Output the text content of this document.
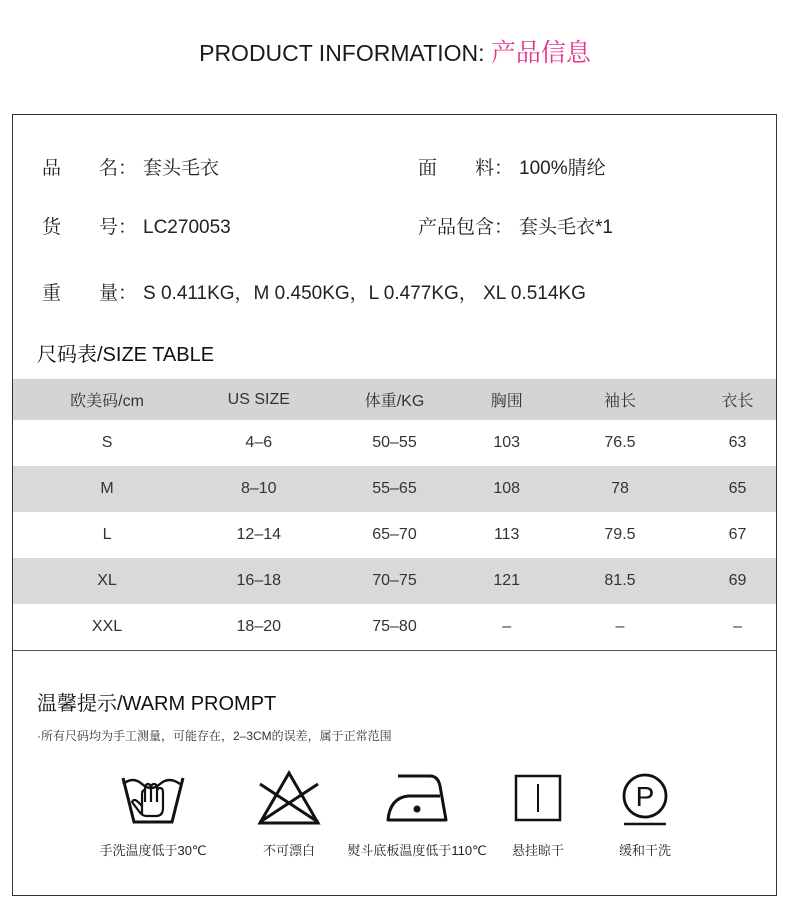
PRODUCT INFORMATION: 产品信息
品　　名： 套头毛衣	面　　料： 100%腈纶
货　　号： LC270053	产品包含： 套头毛衣*1
重　　量： S 0.411KG，M 0.450KG，L 0.477KG， XL 0.514KG
尺码表/SIZE TABLE
欧美码/cm	US SIZE	体重/KG	胸围	袖长	衣长
S	4–6	50–55	103	76.5	63
M	8–10	55–65	108	78	65
L	12–14	65–70	113	79.5	67
XL	16–18	70–75	121	81.5	69
XXL	18–20	75–80	–	–	–
温馨提示/WARM PROMPT
·所有尺码均为手工测量，可能存在，2–3CM的误差，属于正常范围
手洗温度低于30℃	不可漂白	熨斗底板温度低于110℃	悬挂晾干
P
缓和干洗
